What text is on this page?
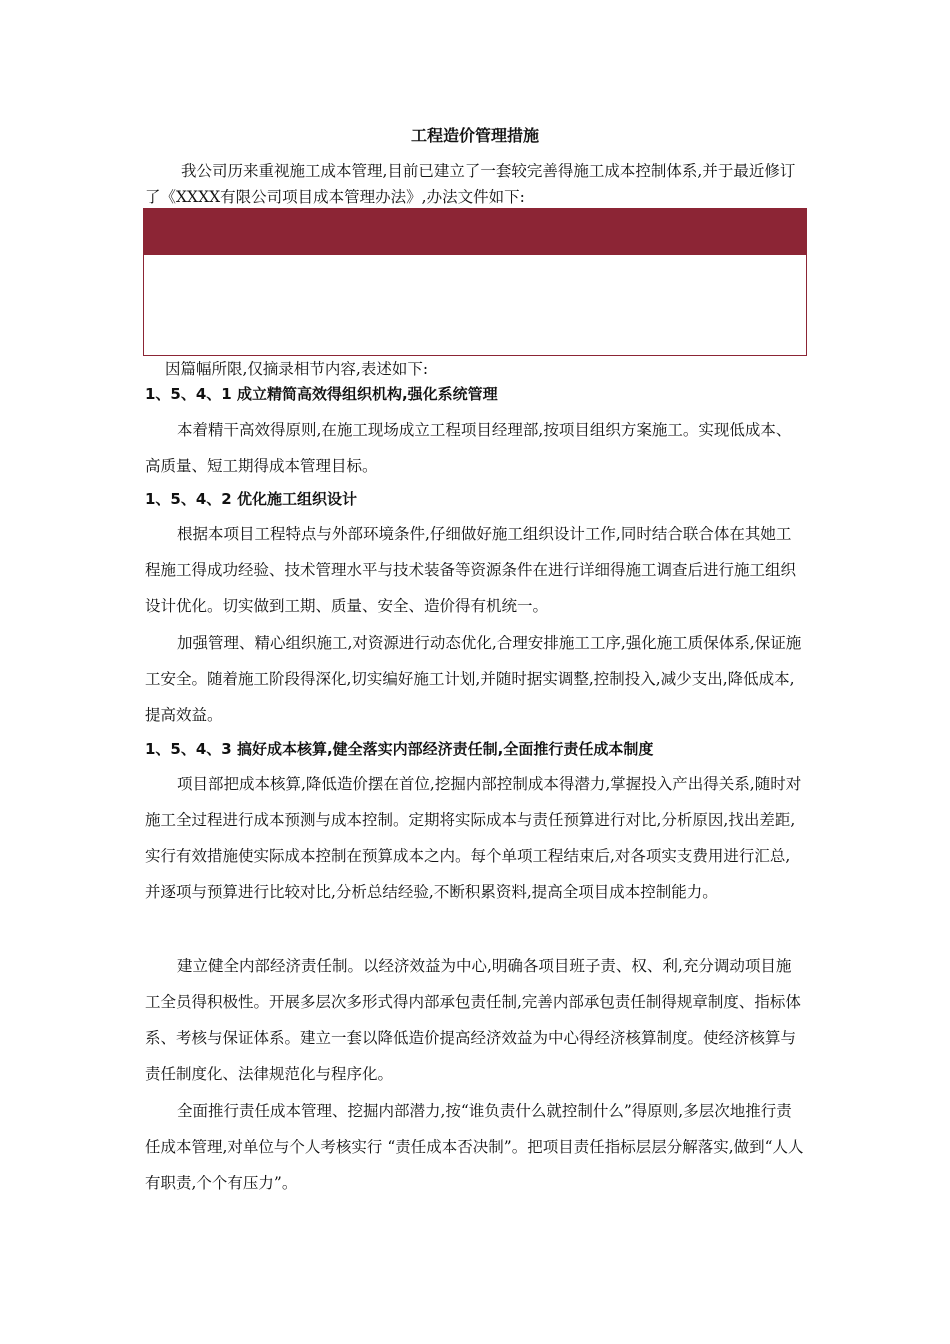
工程造价管理措施

我公司历来重视施工成本管理,目前已建立了一套较完善得施工成本控制体系,并于最近修订了《XXXX有限公司项目成本管理办法》,办法文件如下:

因篇幅所限,仅摘录相节内容,表述如下:

1、5、4、1 成立精简高效得组织机构,强化系统管理

本着精干高效得原则,在施工现场成立工程项目经理部,按项目组织方案施工。实现低成本、高质量、短工期得成本管理目标。

1、5、4、2 优化施工组织设计

根据本项目工程特点与外部环境条件,仔细做好施工组织设计工作,同时结合联合体在其她工程施工得成功经验、技术管理水平与技术装备等资源条件在进行详细得施工调查后进行施工组织设计优化。切实做到工期、质量、安全、造价得有机统一。

加强管理、精心组织施工,对资源进行动态优化,合理安排施工工序,强化施工质保体系,保证施工安全。随着施工阶段得深化,切实编好施工计划,并随时据实调整,控制投入,减少支出,降低成本,提高效益。

1、5、4、3 搞好成本核算,健全落实内部经济责任制,全面推行责任成本制度

项目部把成本核算,降低造价摆在首位,挖掘内部控制成本得潜力,掌握投入产出得关系,随时对施工全过程进行成本预测与成本控制。定期将实际成本与责任预算进行对比,分析原因,找出差距,实行有效措施使实际成本控制在预算成本之内。每个单项工程结束后,对各项实支费用进行汇总,并逐项与预算进行比较对比,分析总结经验,不断积累资料,提高全项目成本控制能力。

建立健全内部经济责任制。以经济效益为中心,明确各项目班子责、权、利,充分调动项目施工全员得积极性。开展多层次多形式得内部承包责任制,完善内部承包责任制得规章制度、指标体系、考核与保证体系。建立一套以降低造价提高经济效益为中心得经济核算制度。使经济核算与责任制度化、法律规范化与程序化。

全面推行责任成本管理、挖掘内部潜力,按“谁负责什么就控制什么”得原则,多层次地推行责任成本管理,对单位与个人考核实行 “责任成本否决制”。把项目责任指标层层分解落实,做到“人人有职责,个个有压力”。
